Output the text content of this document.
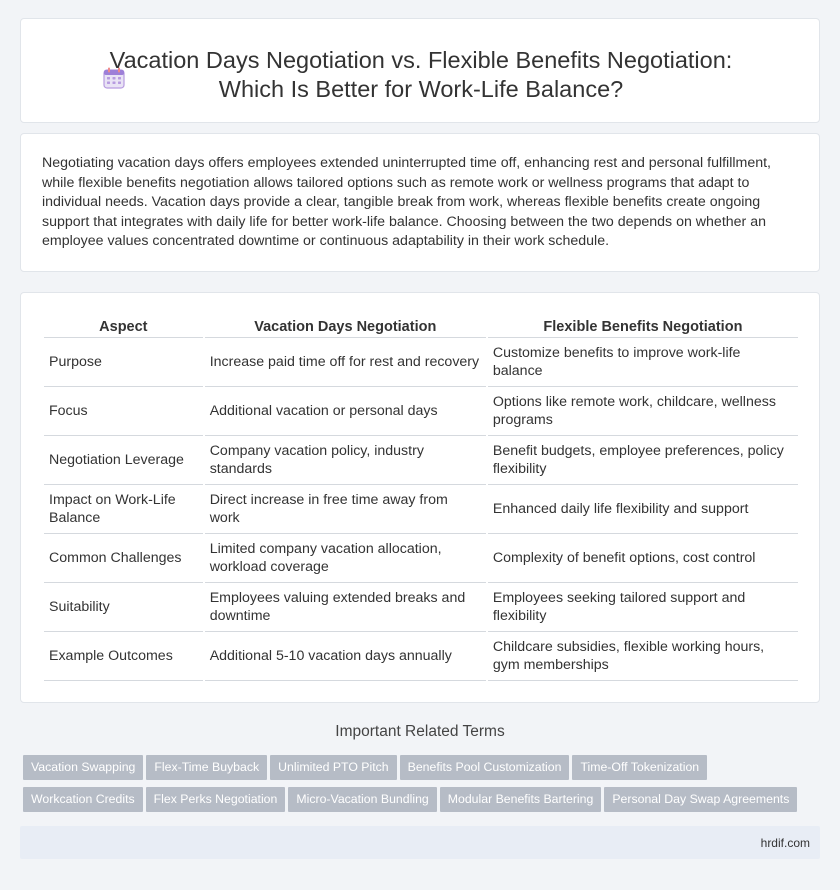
Vacation Days Negotiation vs. Flexible Benefits Negotiation:
Which Is Better for Work-Life Balance?

Negotiating vacation days offers employees extended uninterrupted time off, enhancing rest and personal fulfillment, while flexible benefits negotiation allows tailored options such as remote work or wellness programs that adapt to individual needs. Vacation days provide a clear, tangible break from work, whereas flexible benefits create ongoing support that integrates with daily life for better work-life balance. Choosing between the two depends on whether an employee values concentrated downtime or continuous adaptability in their work schedule.

Aspect	Vacation Days Negotiation	Flexible Benefits Negotiation
Purpose	Increase paid time off for rest and recovery	Customize benefits to improve work-life balance
Focus	Additional vacation or personal days	Options like remote work, childcare, wellness programs
Negotiation Leverage	Company vacation policy, industry standards	Benefit budgets, employee preferences, policy flexibility
Impact on Work-Life Balance	Direct increase in free time away from work	Enhanced daily life flexibility and support
Common Challenges	Limited company vacation allocation, workload coverage	Complexity of benefit options, cost control
Suitability	Employees valuing extended breaks and downtime	Employees seeking tailored support and flexibility
Example Outcomes	Additional 5-10 vacation days annually	Childcare subsidies, flexible working hours, gym memberships
Important Related Terms
Vacation Swapping Flex-Time Buyback Unlimited PTO Pitch Benefits Pool Customization Time-Off Tokenization
Workcation Credits Flex Perks Negotiation Micro-Vacation Bundling Modular Benefits Bartering Personal Day Swap Agreements
hrdif.com
